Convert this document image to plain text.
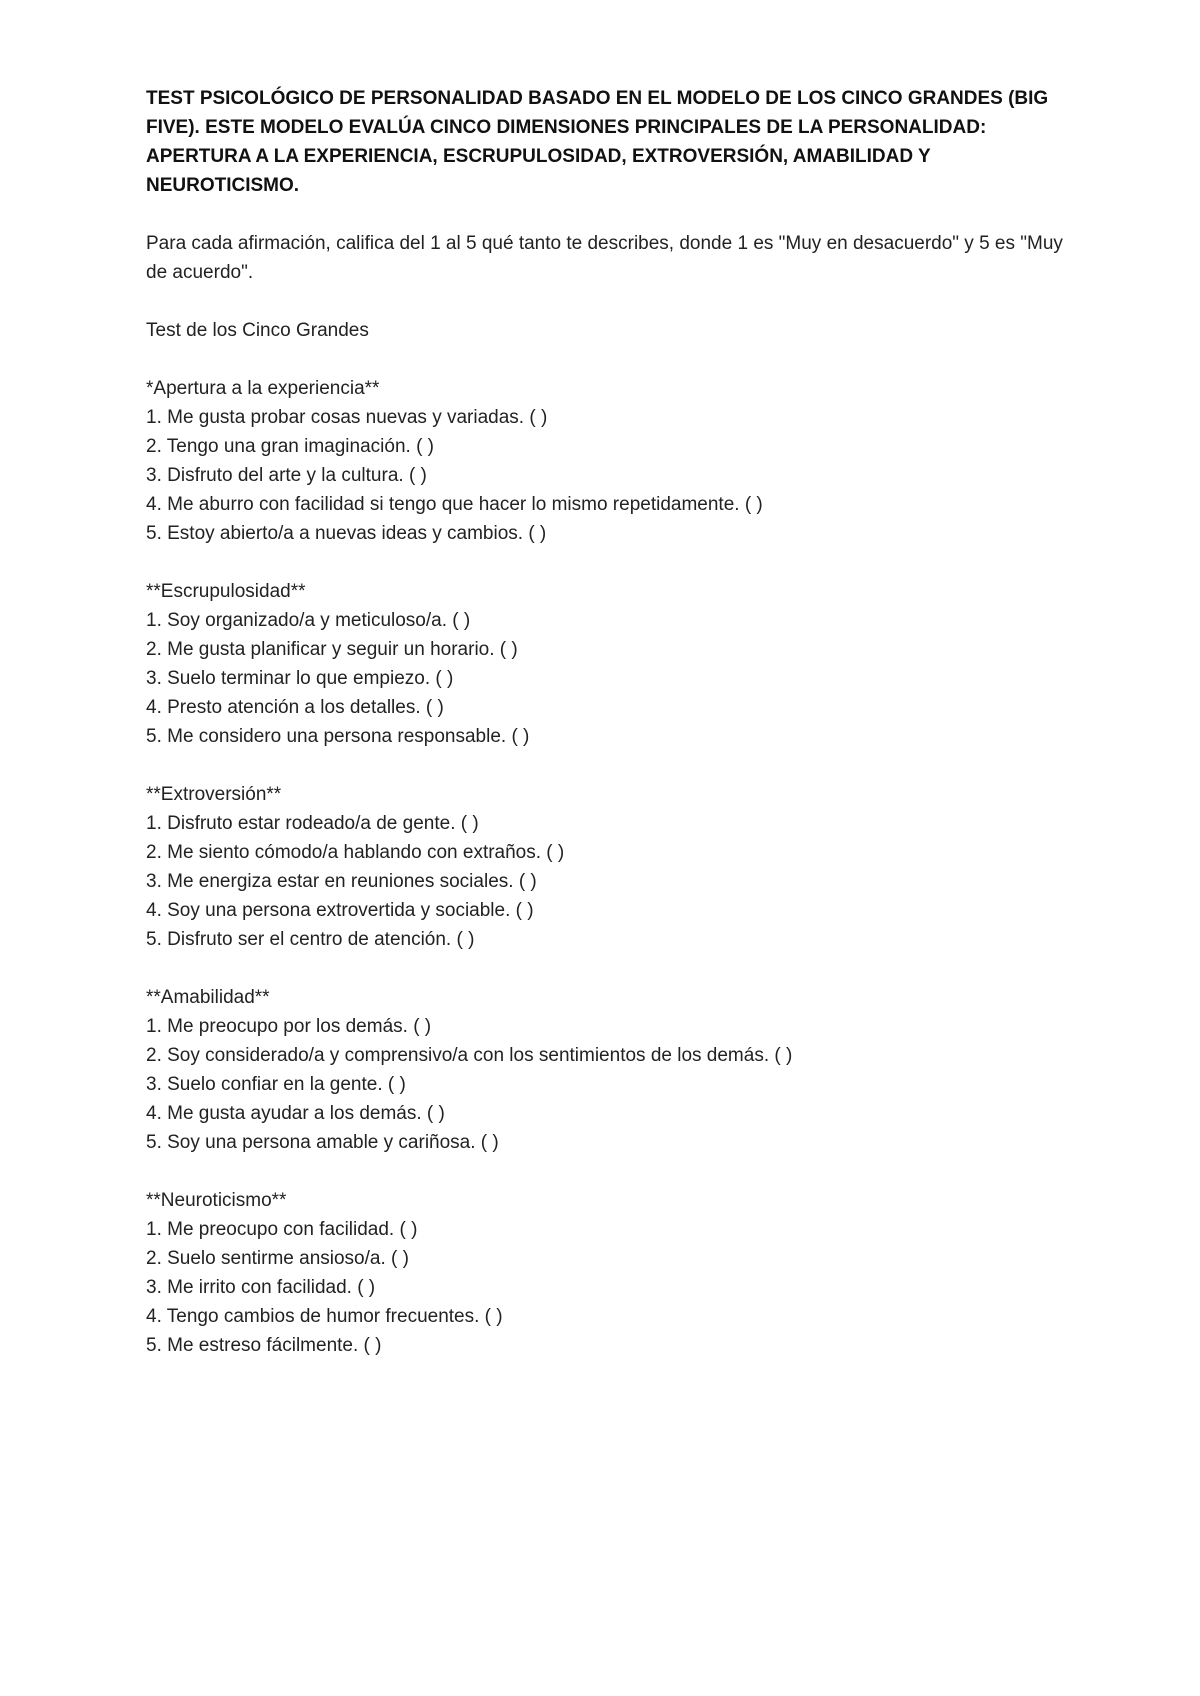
TEST PSICOLÓGICO DE PERSONALIDAD BASADO EN EL MODELO DE LOS CINCO GRANDES (BIG FIVE). ESTE MODELO EVALÚA CINCO DIMENSIONES PRINCIPALES DE LA PERSONALIDAD: APERTURA A LA EXPERIENCIA, ESCRUPULOSIDAD, EXTROVERSIÓN, AMABILIDAD Y NEUROTICISMO.

Para cada afirmación, califica del 1 al 5 qué tanto te describes, donde 1 es "Muy en desacuerdo" y 5 es "Muy de acuerdo".

Test de los Cinco Grandes

*Apertura a la experiencia**

1. Me gusta probar cosas nuevas y variadas. ( )
2. Tengo una gran imaginación. ( )
3. Disfruto del arte y la cultura. ( )
4. Me aburro con facilidad si tengo que hacer lo mismo repetidamente. ( )
5. Estoy abierto/a a nuevas ideas y cambios. ( )

**Escrupulosidad**

1. Soy organizado/a y meticuloso/a. ( )
2. Me gusta planificar y seguir un horario. ( )
3. Suelo terminar lo que empiezo. ( )
4. Presto atención a los detalles. ( )
5. Me considero una persona responsable. ( )

**Extroversión**

1. Disfruto estar rodeado/a de gente. ( )
2. Me siento cómodo/a hablando con extraños. ( )
3. Me energiza estar en reuniones sociales. ( )
4. Soy una persona extrovertida y sociable. ( )
5. Disfruto ser el centro de atención. ( )

**Amabilidad**

1. Me preocupo por los demás. ( )
2. Soy considerado/a y comprensivo/a con los sentimientos de los demás. ( )
3. Suelo confiar en la gente. ( )
4. Me gusta ayudar a los demás. ( )
5. Soy una persona amable y cariñosa. ( )

**Neuroticismo**

1. Me preocupo con facilidad. ( )
2. Suelo sentirme ansioso/a. ( )
3. Me irrito con facilidad. ( )
4. Tengo cambios de humor frecuentes. ( )
5. Me estreso fácilmente. ( )
